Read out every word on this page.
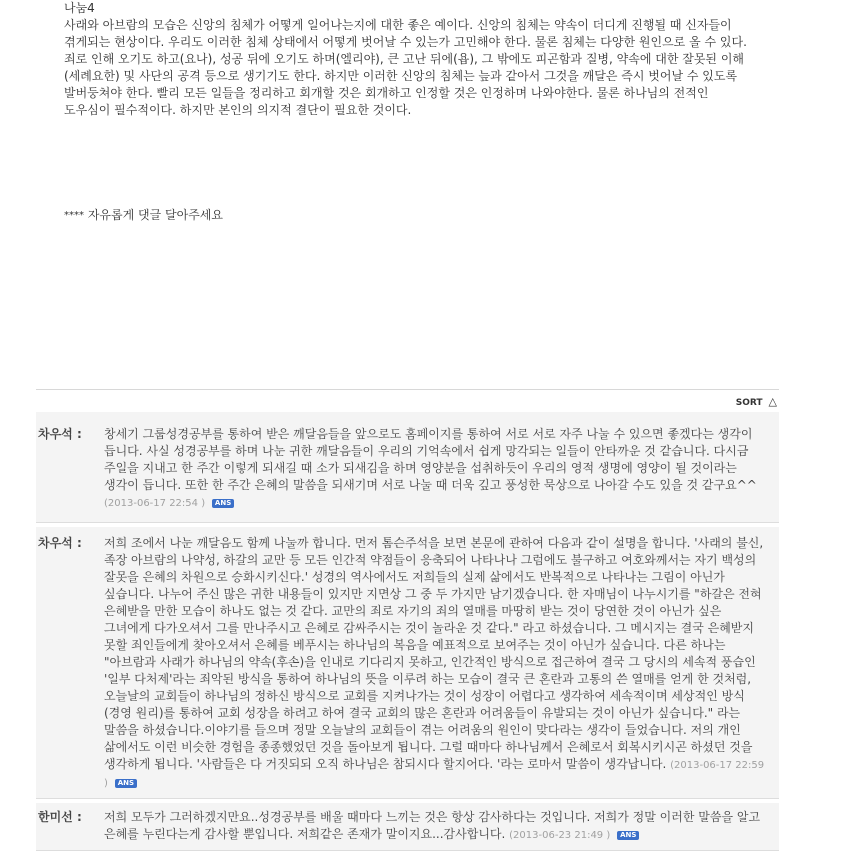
나눔4

사래와 아브람의 모습은 신앙의 침체가 어떻게 일어나는지에 대한 좋은 예이다. 신앙의 침체는 약속이 더디게 진행될 때 신자들이 겪게되는 현상이다. 우리도 이러한 침체 상태에서 어떻게 벗어날 수 있는가 고민해야 한다. 물론 침체는 다양한 원인으로 올 수 있다. 죄로 인해 오기도 하고(요나), 성공 뒤에 오기도 하며(엘리야), 큰 고난 뒤에(욥), 그 밖에도 피곤함과 질병, 약속에 대한 잘못된 이해(세례요한) 및 사단의 공격 등으로 생기기도 한다. 하지만 이러한 신앙의 침체는 늪과 같아서 그것을 깨달은 즉시 벗어날 수 있도록 발버둥쳐야 한다. 빨리 모든 일들을 정리하고 회개할 것은 회개하고 인정할 것은 인정하며 나와야한다. 물론 하나님의 전적인 도우심이 필수적이다. 하지만 본인의 의지적 결단이 필요한 것이다.

**** 자유롭게 댓글 달아주세요
SORT △
차우석 :	창세기 그룹성경공부를 통하여 받은 깨달음들을 앞으로도 홈페이지를 통하여 서로 서로 자주 나눌 수 있으면 좋겠다는 생각이 듭니다. 사실 성경공부를 하며 나눈 귀한 깨달음들이 우리의 기억속에서 쉽게 망각되는 일들이 안타까운 것 같습니다. 다시금 주일을 지내고 한 주간 이렇게 되새길 때 소가 되새김을 하며 영양분을 섭취하듯이 우리의 영적 생명에 영양이 될 것이라는 생각이 듭니다. 또한 한 주간 은혜의 말씀을 되새기며 서로 나눌 때 더욱 깊고 풍성한 묵상으로 나아갈 수도 있을 것 같구요^^ (2013-06-17 22:54 ) ANS
차우석 :	저희 조에서 나눈 깨달음도 함께 나눌까 합니다. 먼저 톰슨주석을 보면 본문에 관하여 다음과 같이 설명을 합니다. '사래의 불신, 족장 아브람의 나약성, 하갈의 교만 등 모든 인간적 약점들이 응축되어 나타나나 그럼에도 불구하고 여호와께서는 자기 백성의 잘못을 은혜의 차원으로 승화시키신다.' 성경의 역사에서도 저희들의 실제 삶에서도 반복적으로 나타나는 그림이 아닌가 싶습니다. 나누어 주신 많은 귀한 내용들이 있지만 지면상 그 중 두 가지만 남기겠습니다. 한 자매님이 나누시기를 "하갈은 전혀 은혜받을 만한 모습이 하나도 없는 것 같다. 교만의 죄로 자기의 죄의 열매를 마땅히 받는 것이 당연한 것이 아닌가 싶은 그녀에게 다가오셔서 그를 만나주시고 은혜로 감싸주시는 것이 놀라운 것 같다." 라고 하셨습니다. 그 메시지는 결국 은혜받지 못할 죄인들에게 찾아오셔서 은혜를 베푸시는 하나님의 복음을 예표적으로 보여주는 것이 아닌가 싶습니다. 다른 하나는 "아브람과 사래가 하나님의 약속(후손)을 인내로 기다리지 못하고, 인간적인 방식으로 접근하여 결국 그 당시의 세속적 풍습인 '일부 다처제'라는 죄악된 방식을 통하여 하나님의 뜻을 이루려 하는 모습이 결국 큰 혼란과 고통의 쓴 열매를 얻게 한 것처럼, 오늘날의 교회들이 하나님의 정하신 방식으로 교회를 지켜나가는 것이 성장이 어렵다고 생각하여 세속적이며 세상적인 방식(경영 원리)를 통하여 교회 성장을 하려고 하여 결국 교회의 많은 혼란과 어려움들이 유발되는 것이 아닌가 싶습니다." 라는 말씀을 하셨습니다.이야기를 들으며 정말 오늘날의 교회들이 겪는 어려움의 원인이 맞다라는 생각이 들었습니다. 저의 개인 삶에서도 이런 비슷한 경험을 종종했었던 것을 돌아보게 됩니다. 그럴 때마다 하나님께서 은혜로서 회복시키시곤 하셨던 것을 생각하게 됩니다. '사람들은 다 거짓되되 오직 하나님은 참되시다 할지어다. '라는 로마서 말씀이 생각납니다. (2013-06-17 22:59 ) ANS
한미선 :	저희 모두가 그러하겠지만요..성경공부를 배울 때마다 느끼는 것은 항상 감사하다는 것입니다. 저희가 정말 이러한 말씀을 알고 은혜를 누린다는게 감사할 뿐입니다. 저희같은 존재가 말이지요...감사합니다. (2013-06-23 21:49 ) ANS
